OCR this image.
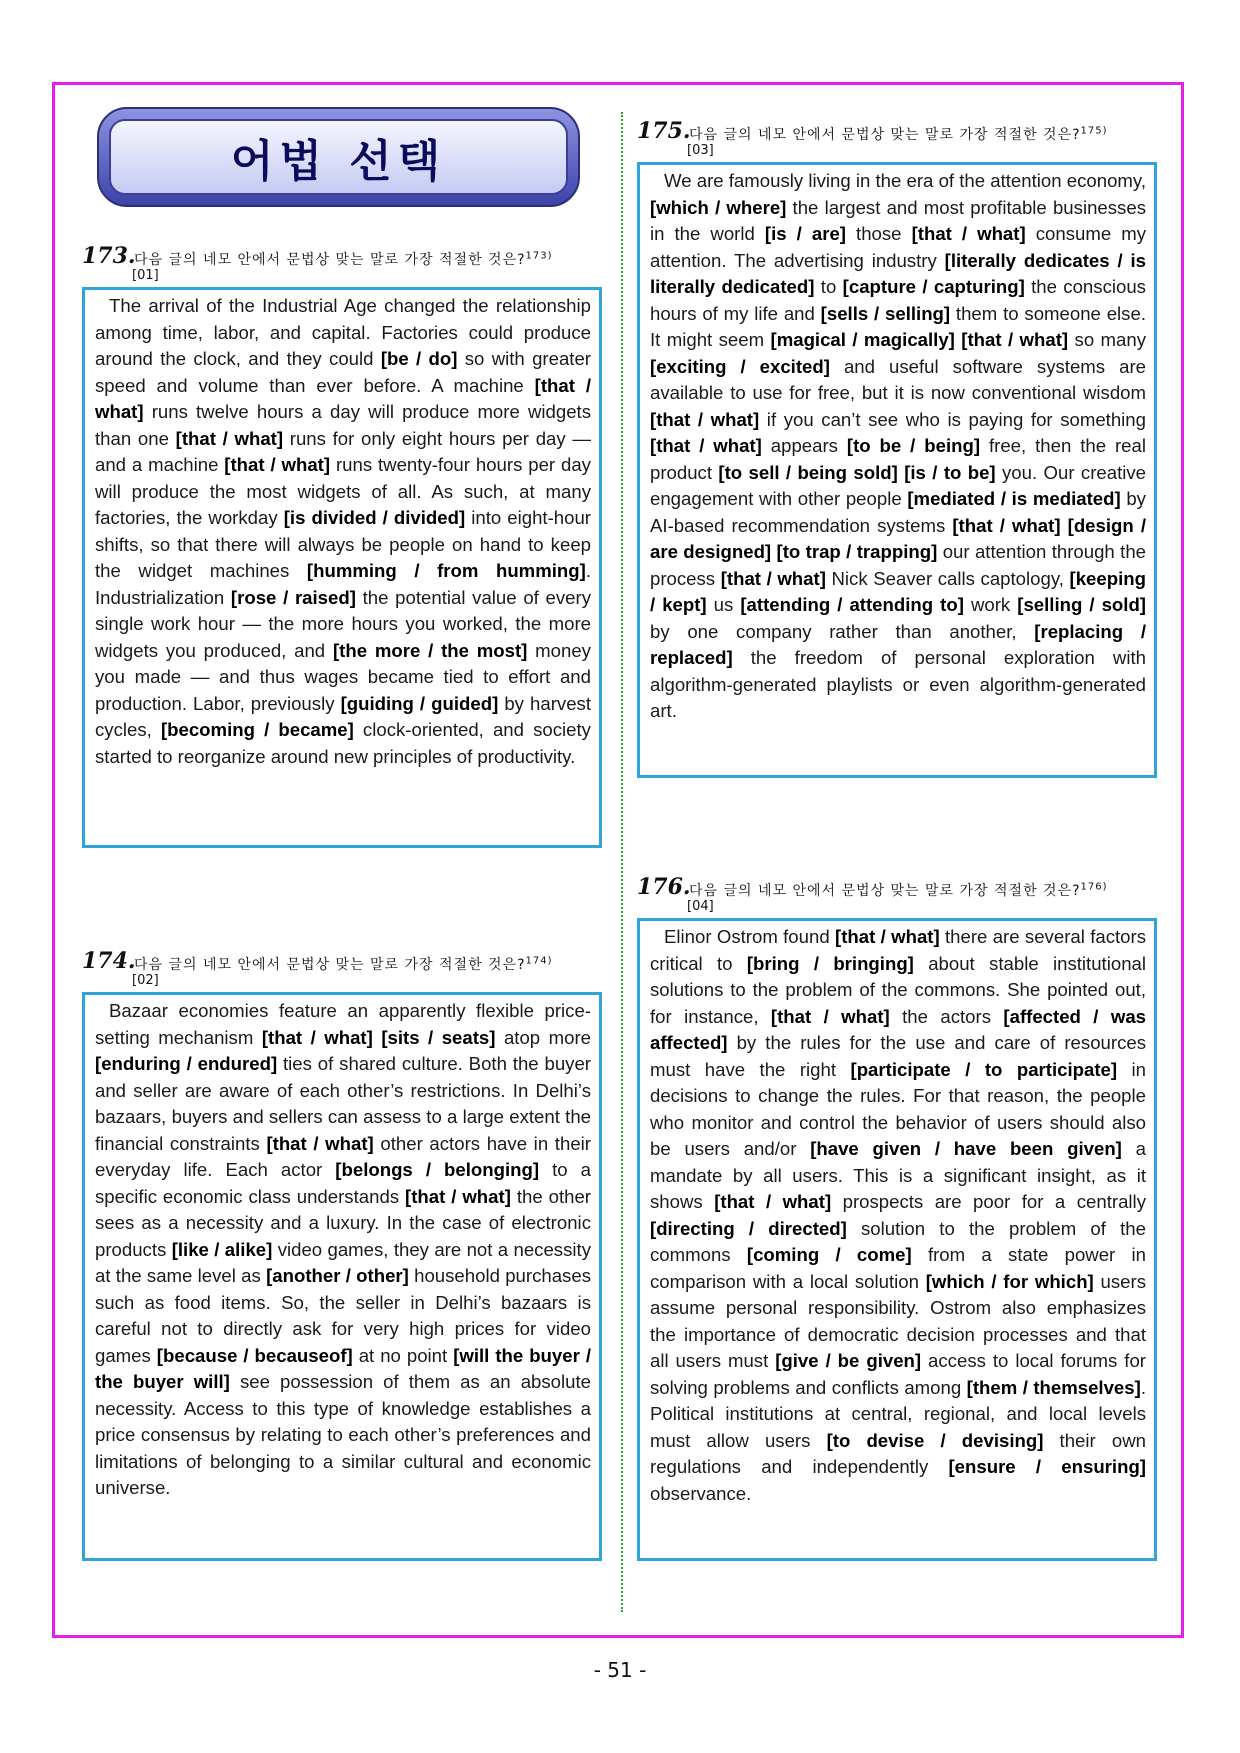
어법 선택
173.
다음 글의 네모 안에서 문법상 맞는 말로 가장 적절한 것은?$^{173)}$
[01]
The arrival of the Industrial Age changed the relationship among time, labor, and capital. Factories could produce around the clock, and they could [be / do] so with greater speed and volume than ever before. A machine [that / what] runs twelve hours a day will produce more widgets than one [that / what] runs for only eight hours per day — and a machine [that / what] runs twenty-four hours per day will produce the most widgets of all. As such, at many factories, the workday [is divided / divided] into eight-hour shifts, so that there will always be people on hand to keep the widget machines [humming / from humming]. Industrialization [rose / raised] the potential value of every single work hour — the more hours you worked, the more widgets you produced, and [the more / the most] money you made — and thus wages became tied to effort and production. Labor, previously [guiding / guided] by harvest cycles, [becoming / became] clock-oriented, and society started to reorganize around new principles of productivity.
174.
다음 글의 네모 안에서 문법상 맞는 말로 가장 적절한 것은?$^{174)}$
[02]
Bazaar economies feature an apparently flexible price-setting mechanism [that / what] [sits / seats] atop more [enduring / endured] ties of shared culture. Both the buyer and seller are aware of each other’s restrictions. In Delhi’s bazaars, buyers and sellers can assess to a large extent the financial constraints [that / what] other actors have in their everyday life. Each actor [belongs / belonging] to a specific economic class understands [that / what] the other sees as a necessity and a luxury. In the case of electronic products [like / alike] video games, they are not a necessity at the same level as [another / other] household purchases such as food items. So, the seller in Delhi’s bazaars is careful not to directly ask for very high prices for video games [because / becauseof] at no point [will the buyer / the buyer will] see possession of them as an absolute necessity. Access to this type of knowledge establishes a price consensus by relating to each other’s preferences and limitations of belonging to a similar cultural and economic universe.
175.
다음 글의 네모 안에서 문법상 맞는 말로 가장 적절한 것은?$^{175)}$
[03]
We are famously living in the era of the attention economy, [which / where] the largest and most profitable businesses in the world [is / are] those [that / what] consume my attention. The advertising industry [literally dedicates / is literally dedicated] to [capture / capturing] the conscious hours of my life and [sells / selling] them to someone else. It might seem [magical / magically] [that / what] so many [exciting / excited] and useful software systems are available to use for free, but it is now conventional wisdom [that / what] if you can’t see who is paying for something [that / what] appears [to be / being] free, then the real product [to sell / being sold] [is / to be] you. Our creative engagement with other people [mediated / is mediated] by AI-based recommendation systems [that / what] [design / are designed] [to trap / trapping] our attention through the process [that / what] Nick Seaver calls captology, [keeping / kept] us [attending / attending to] work [selling / sold] by one company rather than another, [replacing / replaced] the freedom of personal exploration with algorithm-generated playlists or even algorithm-generated art.
176.
다음 글의 네모 안에서 문법상 맞는 말로 가장 적절한 것은?$^{176)}$
[04]
Elinor Ostrom found [that / what] there are several factors critical to [bring / bringing] about stable institutional solutions to the problem of the commons. She pointed out, for instance, [that / what] the actors [affected / was affected] by the rules for the use and care of resources must have the right [participate / to participate] in decisions to change the rules. For that reason, the people who monitor and control the behavior of users should also be users and/or [have given / have been given] a mandate by all users. This is a significant insight, as it shows [that / what] prospects are poor for a centrally [directing / directed] solution to the problem of the commons [coming / come] from a state power in comparison with a local solution [which / for which] users assume personal responsibility. Ostrom also emphasizes the importance of democratic decision processes and that all users must [give / be given] access to local forums for solving problems and conflicts among [them / themselves]. Political institutions at central, regional, and local levels must allow users [to devise / devising] their own regulations and independently [ensure / ensuring] observance.
- 51 -
